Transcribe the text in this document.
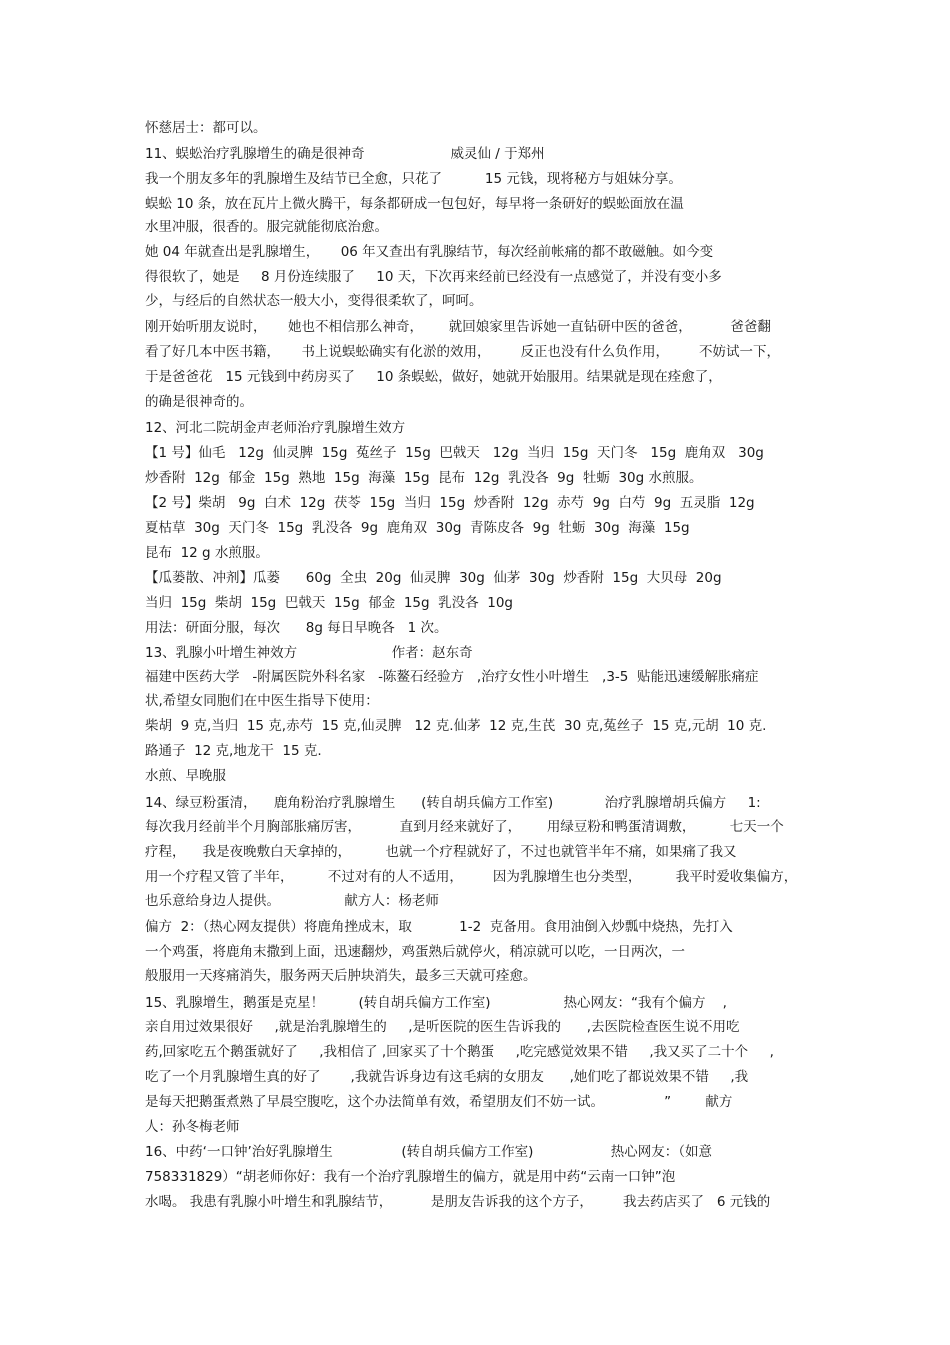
怀慈居士：都可以。
11、蜈蚣治疗乳腺增生的确是很神奇                    威灵仙 / 于郑州
我一个朋友多年的乳腺增生及结节已全愈，只花了          15 元钱，现将秘方与姐妹分享。
蜈蚣 10 条，放在瓦片上微火腾干，每条都研成一包包好，每早将一条研好的蜈蚣面放在温
水里冲服，很香的。服完就能彻底治愈。
她 04 年就查出是乳腺增生，     06 年又查出有乳腺结节，每次经前帐痛的都不敢磁触。如今变
得很软了，她是     8 月份连续服了     10 天，下次再来经前已经没有一点感觉了，并没有变小多
少，与经后的自然状态一般大小，变得很柔软了，呵呵。
刚开始听朋友说时，     她也不相信那么神奇，      就回娘家里告诉她一直钻研中医的爸爸，         爸爸翻
看了好几本中医书籍，     书上说蜈蚣确实有化淤的效用，       反正也没有什么负作用，       不妨试一下，
于是爸爸花   15 元钱到中药房买了     10 条蜈蚣，做好，她就开始服用。结果就是现在痊愈了，
的确是很神奇的。
12、河北二院胡金声老师治疗乳腺增生效方
【1 号】仙毛   12g  仙灵脾  15g  菟丝子  15g  巴戟天   12g  当归  15g  天门冬   15g  鹿角双   30g
炒香附  12g  郁金  15g  熟地  15g  海藻  15g  昆布  12g  乳没各  9g  牡蛎  30g 水煎服。
【2 号】柴胡   9g  白术  12g  茯苓  15g  当归  15g  炒香附  12g  赤芍  9g  白芍  9g  五灵脂  12g
夏枯草  30g  天门冬  15g  乳没各  9g  鹿角双  30g  青陈皮各  9g  牡蛎  30g  海藻  15g
昆布  12 g 水煎服。
【瓜蒌散、冲剂】瓜蒌      60g  全虫  20g  仙灵脾  30g  仙茅  30g  炒香附  15g  大贝母  20g
当归  15g  柴胡  15g  巴戟天  15g  郁金  15g  乳没各  10g
用法：研面分服，每次      8g 每日早晚各   1 次。
13、乳腺小叶增生神效方                      作者：赵东奇
福建中医药大学   -附属医院外科名家   -陈鳌石经验方   ,治疗女性小叶增生   ,3-5  贴能迅速缓解胀痛症
状,希望女同胞们在中医生指导下使用：
柴胡  9 克,当归  15 克,赤芍  15 克,仙灵脾   12 克.仙茅  12 克,生芪  30 克,菟丝子  15 克,元胡  10 克.
路通子  12 克,地龙干  15 克.
水煎、早晚服
14、绿豆粉蛋清，    鹿角粉治疗乳腺增生      (转自胡兵偏方工作室)            治疗乳腺增胡兵偏方     1:
每次我月经前半个月胸部胀痛厉害，         直到月经来就好了，      用绿豆粉和鸭蛋清调敷，        七天一个
疗程，    我是夜晚敷白天拿掉的，        也就一个疗程就好了，不过也就管半年不痛，如果痛了我又
用一个疗程又管了半年，        不过对有的人不适用，       因为乳腺增生也分类型，        我平时爱收集偏方，
也乐意给身边人提供。               献方人：杨老师
偏方  2：（热心网友提供）将鹿角挫成末，取           1-2  克备用。食用油倒入炒瓢中烧热，先打入
一个鸡蛋，将鹿角末撒到上面，迅速翻炒，鸡蛋熟后就停火，稍凉就可以吃，一日两次，一
般服用一天疼痛消失，服务两天后肿块消失，最多三天就可痊愈。
15、乳腺增生，鹅蛋是克星！        (转自胡兵偏方工作室)                 热心网友：“我有个偏方    ,
亲自用过效果很好     ,就是治乳腺增生的     ,是听医院的医生告诉我的      ,去医院检查医生说不用吃
药,回家吃五个鹅蛋就好了     ,我相信了 ,回家买了十个鹅蛋     ,吃完感觉效果不错     ,我又买了二十个     ,
吃了一个月乳腺增生真的好了       ,我就告诉身边有这毛病的女朋友      ,她们吃了都说效果不错     ,我
是每天把鹅蛋煮熟了早晨空腹吃，这个办法简单有效，希望朋友们不妨一试。              ”        献方
人：孙冬梅老师
16、中药‘一口钟’治好乳腺增生                (转自胡兵偏方工作室)                  热心网友：（如意
758331829）“胡老师你好：我有一个治疗乳腺增生的偏方，就是用中药“云南一口钟”泡
水喝。 我患有乳腺小叶增生和乳腺结节，         是朋友告诉我的这个方子，       我去药店买了   6 元钱的
